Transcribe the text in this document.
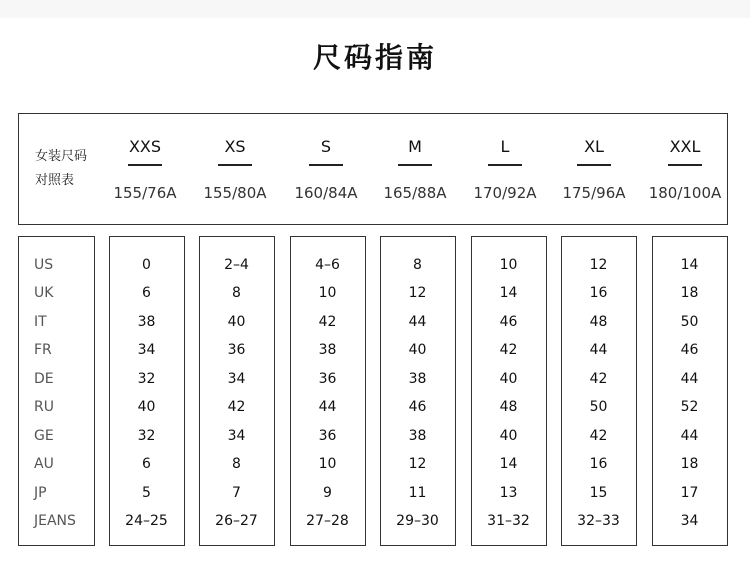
尺码指南
女装尺码
对照表
XXS
155/76A
XS
155/80A
S
160/84A
M
165/88A
L
170/92A
XL
175/96A
XXL
180/100A
US
UK
IT
FR
DE
RU
GE
AU
JP
JEANS
0
6
38
34
32
40
32
6
5
24–25
2–4
8
40
36
34
42
34
8
7
26–27
4–6
10
42
38
36
44
36
10
9
27–28
8
12
44
40
38
46
38
12
11
29–30
10
14
46
42
40
48
40
14
13
31–32
12
16
48
44
42
50
42
16
15
32–33
14
18
50
46
44
52
44
18
17
34
